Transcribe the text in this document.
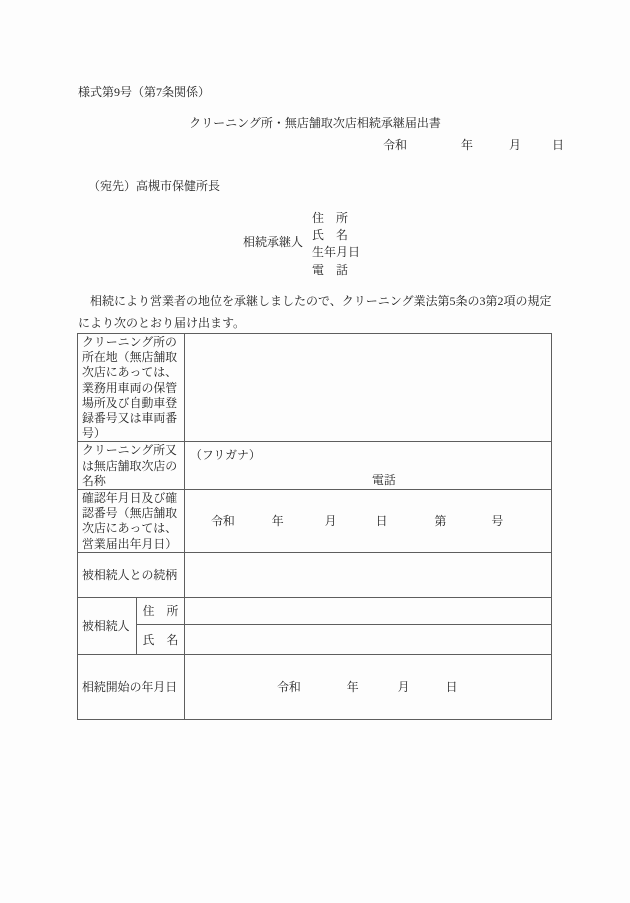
様式第9号（第7条関係）
クリーニング所・無店舗取次店相続承継届出書
令和	年	月	日
（宛先）高槻市保健所長
相続承継人
住　所
氏　名
生年月日
電　話
　相続により営業者の地位を承継しましたので、クリーニング業法第5条の3第2項の規定
により次のとおり届け出ます。
クリーニング所の所在地（無店舗取次店にあっては、業務用車両の保管場所及び自動車登録番号又は車両番号）		
クリーニング所又は無店舗取次店の名称		（フリガナ）
電話

確認年月日及び確認番号（無店舗取次店にあっては、営業届出年月日）		令和 年 月 日 第 号

被相続人との続柄		
被相続人	住　所	
	氏　名	
相続開始の年月日		令和 年 月 日
